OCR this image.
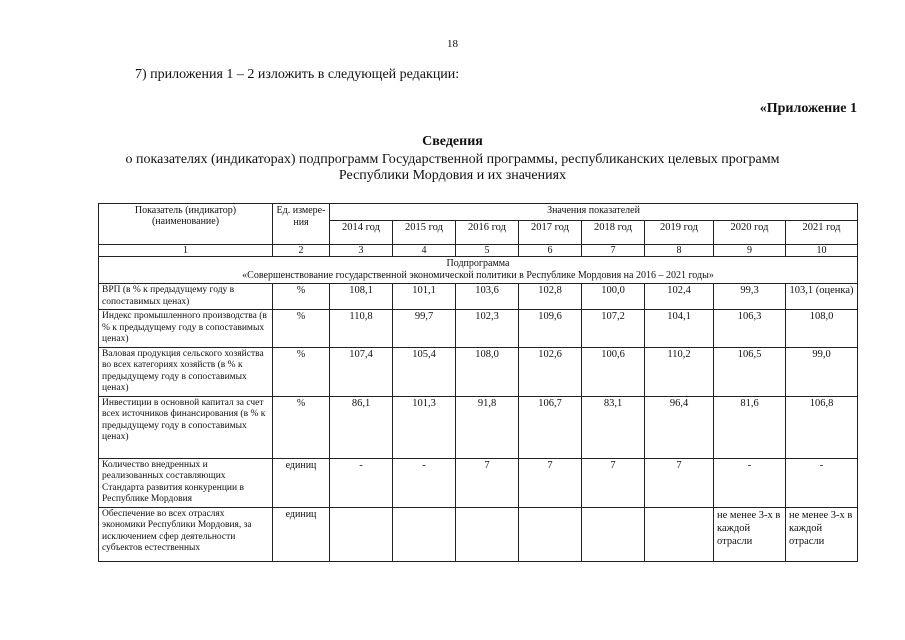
18
7) приложения 1 – 2 изложить в следующей редакции:
«Приложение 1
Сведения
о показателях (индикаторах) подпрограмм Государственной программы, республиканских целевых программ Республики Мордовия и их значениях
Показатель (индикатор) (наименование)	Ед. измере-ния	Значения показателей							
		2014 год	2015 год	2016 год	2017 год	2018 год	2019 год	2020 год	2021 год
1	2	3	4	5	6	7	8	9	10

Подпрограмма
«Совершенствование государственной экономической политики в Республике Мордовия на 2016 – 2021 годы»									

ВРП (в % к предыдущему году в сопоставимых ценах)	%	108,1	101,1	103,6	102,8	100,0	102,4	99,3	103,1 (оценка)
Индекс промышленного производства (в % к предыдущему году в сопоставимых ценах)	%	110,8	99,7	102,3	109,6	107,2	104,1	106,3	108,0
Валовая продукция сельского хозяйства во всех категориях хозяйств (в % к предыдущему году в сопоставимых ценах)	%	107,4	105,4	108,0	102,6	100,6	110,2	106,5	99,0
Инвестиции в основной капитал за счет всех источников финансирования (в % к предыдущему году в сопоставимых ценах)	%	86,1	101,3	91,8	106,7	83,1	96,4	81,6	106,8
Количество внедренных и реализованных составляющих Стандарта развития конкуренции в Республике Мордовия	единиц	-	-	7	7	7	7	-	-
Обеспечение во всех отраслях экономики Республики Мордовия, за исключением сфер деятельности субъектов естественных	единиц							не менее 3-х в каждой отрасли	не менее 3-х в каждой отрасли
